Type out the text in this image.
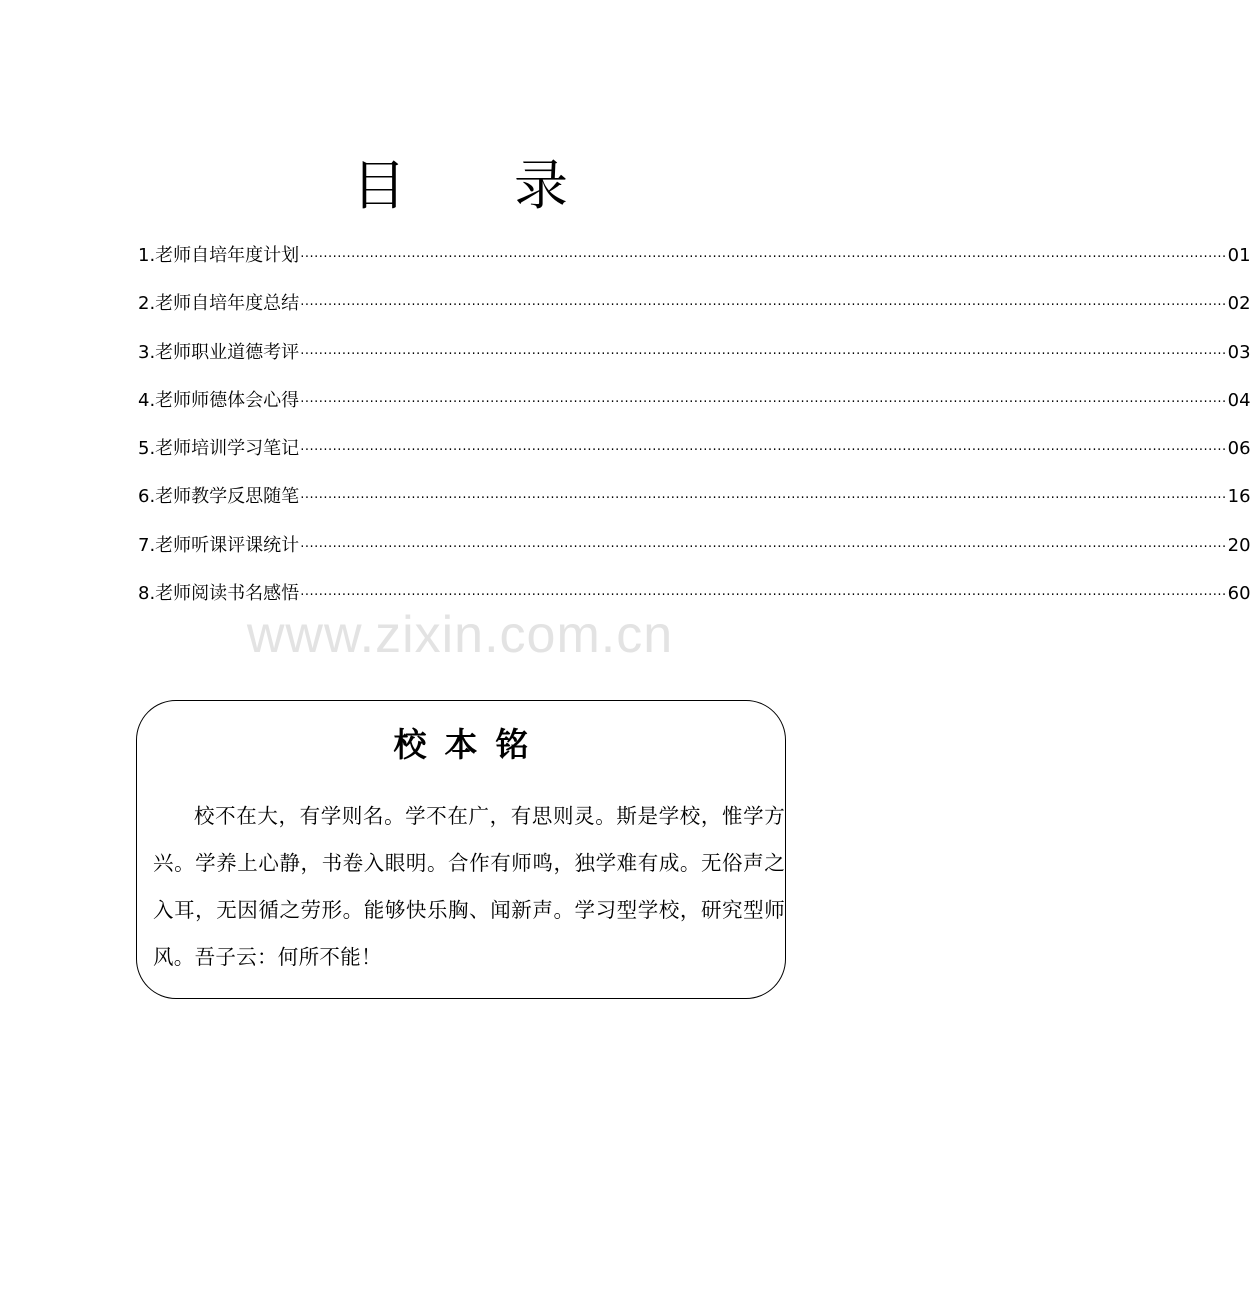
目 录
1.老师自培年度计划 ········································································································································································································ 01
2.老师自培年度总结 ········································································································································································································ 02
3.老师职业道德考评 ········································································································································································································ 03
4.老师师德体会心得 ········································································································································································································ 04
5.老师培训学习笔记 ········································································································································································································ 06
6.老师教学反思随笔 ········································································································································································································ 16
7.老师听课评课统计 ········································································································································································································ 20
8.老师阅读书名感悟 ········································································································································································································ 60
www.zixin.com.cn
校本铭

校不在大，有学则名。学不在广，有思则灵。斯是学校，惟学方兴。学养上心静，书卷入眼明。合作有师鸣，独学难有成。无俗声之入耳，无因循之劳形。能够快乐胸、闻新声。学习型学校，研究型师风。吾子云：何所不能！
